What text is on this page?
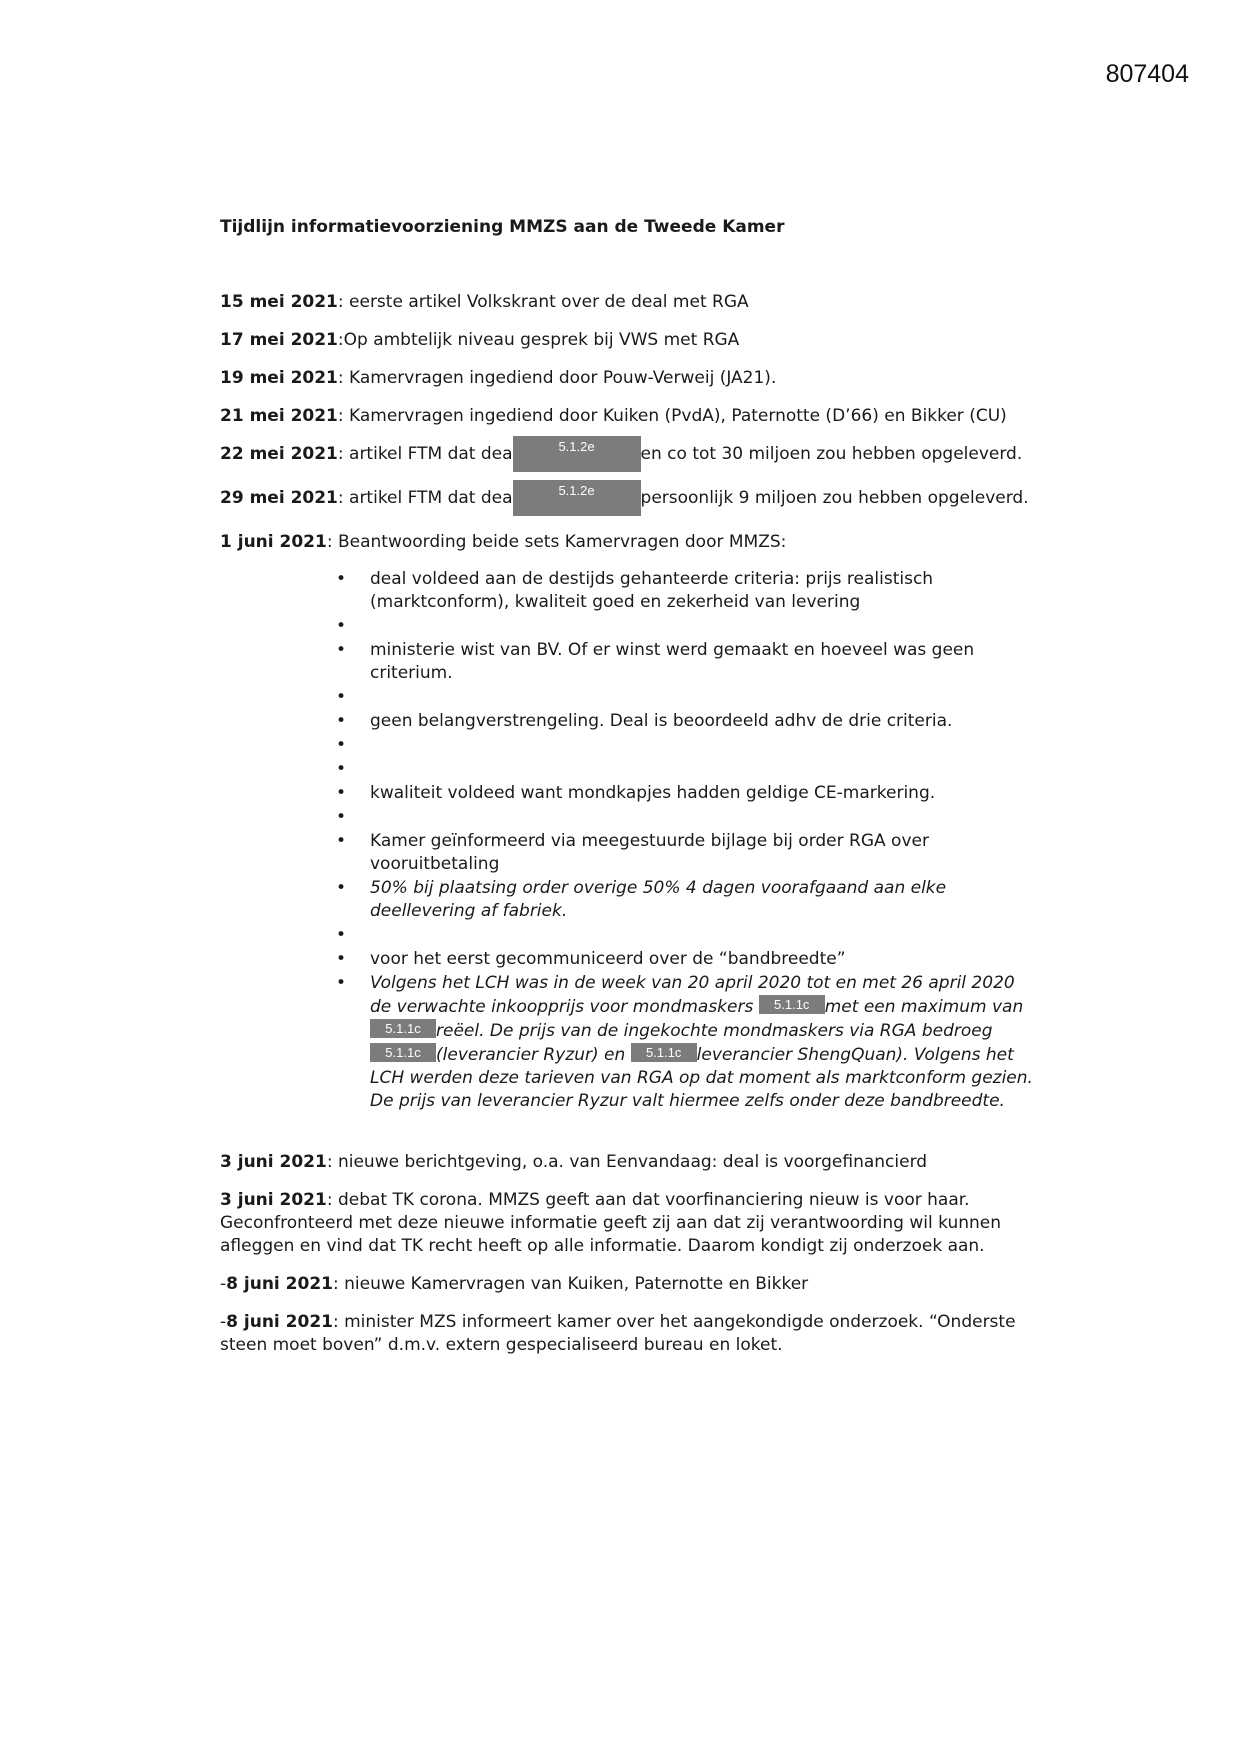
807404
Tijdlijn informatievoorziening MMZS aan de Tweede Kamer
15 mei 2021: eerste artikel Volkskrant over de deal met RGA
17 mei 2021:Op ambtelijk niveau gesprek bij VWS met RGA
19 mei 2021: Kamervragen ingediend door Pouw-Verweij (JA21).
21 mei 2021: Kamervragen ingediend door Kuiken (PvdA), Paternotte (D’66) en Bikker (CU)
22 mei 2021: artikel FTM dat dea	5.1.2e	en co tot 30 miljoen zou hebben opgeleverd.
29 mei 2021: artikel FTM dat dea	5.1.2e	persoonlijk 9 miljoen zou hebben opgeleverd.
1 juni 2021: Beantwoording beide sets Kamervragen door MMZS:
• deal voldeed aan de destijds gehanteerde criteria: prijs realistisch (marktconform), kwaliteit goed en zekerheid van levering
•
• ministerie wist van BV. Of er winst werd gemaakt en hoeveel was geen criterium.
•
• geen belangverstrengeling. Deal is beoordeeld adhv de drie criteria.
•
•
• kwaliteit voldeed want mondkapjes hadden geldige CE-markering.
•
• Kamer geïnformeerd via meegestuurde bijlage bij order RGA over vooruitbetaling
• 50% bij plaatsing order overige 50% 4 dagen voorafgaand aan elke deellevering af fabriek.
•
• voor het eerst gecommuniceerd over de “bandbreedte”
• Volgens het LCH was in de week van 20 april 2020 tot en met 26 april 2020 de verwachte inkoopprijs voor mondmaskers 5.1.1c met een maximum van 5.1.1c reëel. De prijs van de ingekochte mondmaskers via RGA bedroeg 5.1.1c (leverancier Ryzur) en 5.1.1c leverancier ShengQuan). Volgens het LCH werden deze tarieven van RGA op dat moment als marktconform gezien. De prijs van leverancier Ryzur valt hiermee zelfs onder deze bandbreedte.
3 juni 2021: nieuwe berichtgeving, o.a. van Eenvandaag: deal is voorgefinancierd
3 juni 2021: debat TK corona. MMZS geeft aan dat voorfinanciering nieuw is voor haar. Geconfronteerd met deze nieuwe informatie geeft zij aan dat zij verantwoording wil kunnen afleggen en vind dat TK recht heeft op alle informatie. Daarom kondigt zij onderzoek aan.
-8 juni 2021: nieuwe Kamervragen van Kuiken, Paternotte en Bikker
-8 juni 2021: minister MZS informeert kamer over het aangekondigde onderzoek. “Onderste steen moet boven” d.m.v. extern gespecialiseerd bureau en loket.
